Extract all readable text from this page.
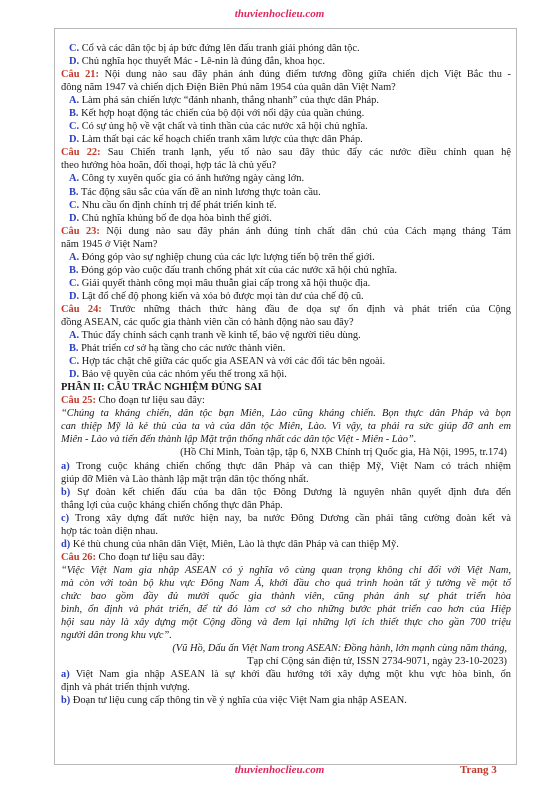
thuvienhoclieu.com
C. Cổ và các dân tộc bị áp bức đứng lên đấu tranh giải phóng dân tộc.
D. Chủ nghĩa học thuyết Mác - Lê-nin là đúng đắn, khoa học.
Câu 21: Nội dung nào sau đây phản ánh đúng điểm tương đồng giữa chiến dịch Việt Bắc thu -
đông năm 1947 và chiến dịch Điện Biên Phủ năm 1954 của quân dân Việt Nam?
A. Làm phá sản chiến lược “đánh nhanh, thắng nhanh” của thực dân Pháp.
B. Kết hợp hoạt động tác chiến của bộ đội với nổi dậy của quần chúng.
C. Có sự ủng hộ về vật chất và tinh thần của các nước xã hội chủ nghĩa.
D. Làm thất bại các kế hoạch chiến tranh xâm lược của thực dân Pháp.
Câu 22: Sau Chiến tranh lạnh, yếu tố nào sau đây thúc đẩy các nước điều chỉnh quan hệ
theo hướng hòa hoãn, đối thoại, hợp tác là chủ yếu?
A. Công ty xuyên quốc gia có ảnh hưởng ngày càng lớn.
B. Tác động sâu sắc của vấn đề an ninh lương thực toàn cầu.
C. Nhu cầu ổn định chính trị để phát triển kinh tế.
D. Chủ nghĩa khủng bố đe dọa hòa bình thế giới.
Câu 23: Nội dung nào sau đây phản ánh đúng tính chất dân chủ của Cách mạng tháng Tám
năm 1945 ở Việt Nam?
A. Đóng góp vào sự nghiệp chung của các lực lượng tiến bộ trên thế giới.
B. Đóng góp vào cuộc đấu tranh chống phát xít của các nước xã hội chủ nghĩa.
C. Giải quyết thành công mọi mâu thuẫn giai cấp trong xã hội thuộc địa.
D. Lật đổ chế độ phong kiến và xóa bỏ được mọi tàn dư của chế độ cũ.
Câu 24: Trước những thách thức hàng đầu đe dọa sự ổn định và phát triển của Cộng
đồng ASEAN, các quốc gia thành viên cần có hành động nào sau đây?
A. Thúc đẩy chính sách cạnh tranh về kinh tế, bảo vệ người tiêu dùng.
B. Phát triển cơ sở hạ tầng cho các nước thành viên.
C. Hợp tác chặt chẽ giữa các quốc gia ASEAN và với các đối tác bên ngoài.
D. Bảo vệ quyền của các nhóm yếu thế trong xã hội.
PHẦN II: CÂU TRẮC NGHIỆM ĐÚNG SAI
Câu 25: Cho đoạn tư liệu sau đây:
“Chúng ta kháng chiến, dân tộc bạn Miên, Lào cũng kháng chiến. Bọn thực dân Pháp và bọn
can thiệp Mỹ là kẻ thù của ta và của dân tộc Miên, Lào. Vì vậy, ta phải ra sức giúp đỡ anh em
Miên - Lào và tiến đến thành lập Mặt trận thống nhất các dân tộc Việt - Miên - Lào”.
(Hồ Chí Minh, Toàn tập, tập 6, NXB Chính trị Quốc gia, Hà Nội, 1995, tr.174)
a) Trong cuộc kháng chiến chống thực dân Pháp và can thiệp Mỹ, Việt Nam có trách nhiệm
giúp đỡ Miên và Lào thành lập mặt trận dân tộc thống nhất.
b) Sự đoàn kết chiến đấu của ba dân tộc Đông Dương là nguyên nhân quyết định đưa đến
thắng lợi của cuộc kháng chiến chống thực dân Pháp.
c) Trong xây dựng đất nước hiện nay, ba nước Đông Dương cần phải tăng cường đoàn kết và
hợp tác toàn diện nhau.
d) Kẻ thù chung của nhân dân Việt, Miên, Lào là thực dân Pháp và can thiệp Mỹ.
Câu 26: Cho đoạn tư liệu sau đây:
“Việc Việt Nam gia nhập ASEAN có ý nghĩa vô cùng quan trọng không chỉ đối với Việt Nam,
mà còn với toàn bộ khu vực Đông Nam Á, khởi đầu cho quá trình hoàn tất ý tưởng về một tổ
chức bao gồm đầy đủ mười quốc gia thành viên, cũng phản ánh sự phát triển hòa
bình, ổn định và phát triển, để từ đó làm cơ sở cho những bước phát triển cao hơn của Hiệp
hội sau này là xây dựng một Cộng đồng và đem lại những lợi ích thiết thực cho gần 700 triệu
người dân trong khu vực”.
(Vũ Hồ, Dấu ấn Việt Nam trong ASEAN: Đồng hành, lớn mạnh cùng năm tháng,
Tạp chí Cộng sản điện tử, ISSN 2734-9071, ngày 23-10-2023)
a) Việt Nam gia nhập ASEAN là sự khởi đầu hướng tới xây dựng một khu vực hòa bình, ổn
định và phát triển thịnh vượng.
b) Đoạn tư liệu cung cấp thông tin về ý nghĩa của việc Việt Nam gia nhập ASEAN.
thuvienhoclieu.com	Trang 3
